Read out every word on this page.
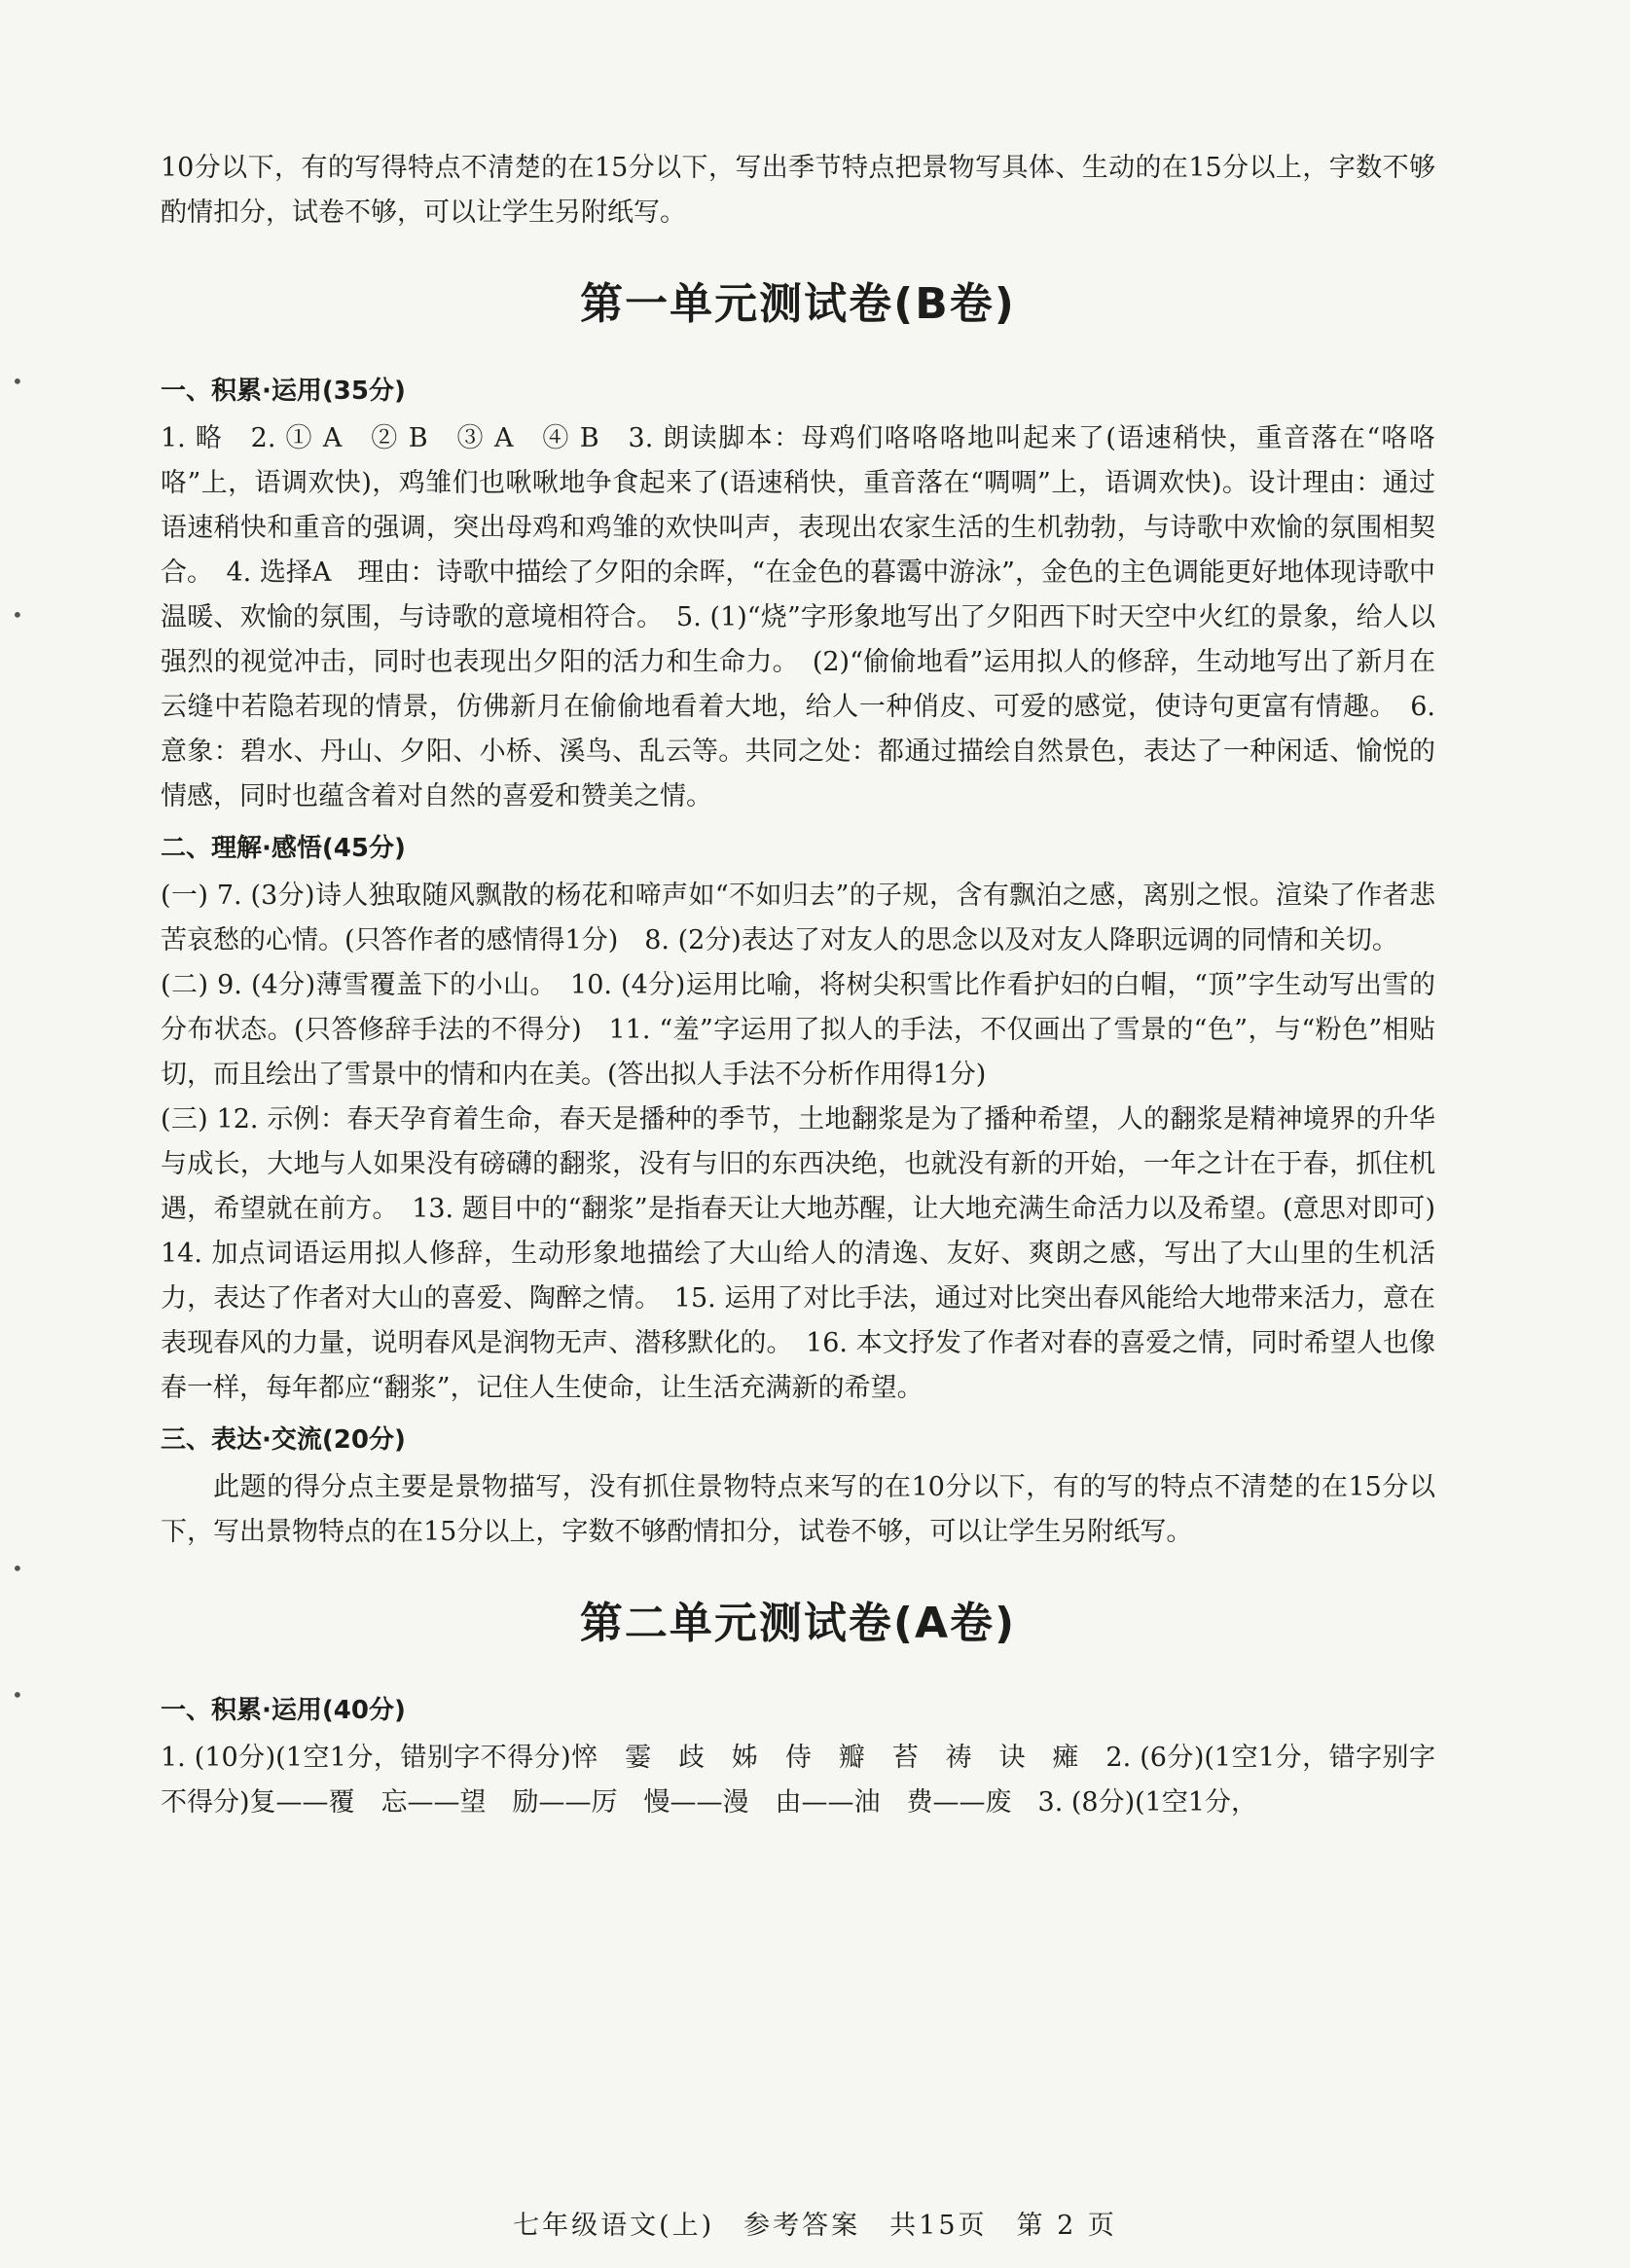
•
•
•
•

10分以下，有的写得特点不清楚的在15分以下，写出季节特点把景物写具体、生动的在15分以上，字数不够酌情扣分，试卷不够，可以让学生另附纸写。

第一单元测试卷(B卷)
一、积累·运用(35分)

1. 略　2. ① A　② B　③ A　④ B　3. 朗读脚本：母鸡们咯咯咯地叫起来了(语速稍快，重音落在“咯咯咯”上，语调欢快)，鸡雏们也啾啾地争食起来了(语速稍快，重音落在“啁啁”上，语调欢快)。设计理由：通过语速稍快和重音的强调，突出母鸡和鸡雏的欢快叫声，表现出农家生活的生机勃勃，与诗歌中欢愉的氛围相契合。　4. 选择A　理由：诗歌中描绘了夕阳的余晖，“在金色的暮霭中游泳”，金色的主色调能更好地体现诗歌中温暖、欢愉的氛围，与诗歌的意境相符合。　5. (1)“烧”字形象地写出了夕阳西下时天空中火红的景象，给人以强烈的视觉冲击，同时也表现出夕阳的活力和生命力。　(2)“偷偷地看”运用拟人的修辞，生动地写出了新月在云缝中若隐若现的情景，仿佛新月在偷偷地看着大地，给人一种俏皮、可爱的感觉，使诗句更富有情趣。　6. 意象：碧水、丹山、夕阳、小桥、溪鸟、乱云等。共同之处：都通过描绘自然景色，表达了一种闲适、愉悦的情感，同时也蕴含着对自然的喜爱和赞美之情。

二、理解·感悟(45分)

(一) 7. (3分)诗人独取随风飘散的杨花和啼声如“不如归去”的子规，含有飘泊之感，离别之恨。渲染了作者悲苦哀愁的心情。(只答作者的感情得1分)　8. (2分)表达了对友人的思念以及对友人降职远调的同情和关切。

(二) 9. (4分)薄雪覆盖下的小山。　10. (4分)运用比喻，将树尖积雪比作看护妇的白帽，“顶”字生动写出雪的分布状态。(只答修辞手法的不得分)　11. “羞”字运用了拟人的手法，不仅画出了雪景的“色”，与“粉色”相贴切，而且绘出了雪景中的情和内在美。(答出拟人手法不分析作用得1分)

(三) 12. 示例：春天孕育着生命，春天是播种的季节，土地翻浆是为了播种希望，人的翻浆是精神境界的升华与成长，大地与人如果没有磅礴的翻浆，没有与旧的东西决绝，也就没有新的开始，一年之计在于春，抓住机遇，希望就在前方。　13. 题目中的“翻浆”是指春天让大地苏醒，让大地充满生命活力以及希望。(意思对即可)　14. 加点词语运用拟人修辞，生动形象地描绘了大山给人的清逸、友好、爽朗之感，写出了大山里的生机活力，表达了作者对大山的喜爱、陶醉之情。　15. 运用了对比手法，通过对比突出春风能给大地带来活力，意在表现春风的力量，说明春风是润物无声、潜移默化的。　16. 本文抒发了作者对春的喜爱之情，同时希望人也像春一样，每年都应“翻浆”，记住人生使命，让生活充满新的希望。

三、表达·交流(20分)

此题的得分点主要是景物描写，没有抓住景物特点来写的在10分以下，有的写的特点不清楚的在15分以下，写出景物特点的在15分以上，字数不够酌情扣分，试卷不够，可以让学生另附纸写。

第二单元测试卷(A卷)
一、积累·运用(40分)

1. (10分)(1空1分，错别字不得分)悴　霎　歧　姊　侍　瓣　苔　祷　诀　瘫　2. (6分)(1空1分，错字别字不得分)复——覆　忘——望　励——厉　慢——漫　由——油　费——废　3. (8分)(1空1分，

七年级语文(上)　参考答案　共15页　第 2 页
